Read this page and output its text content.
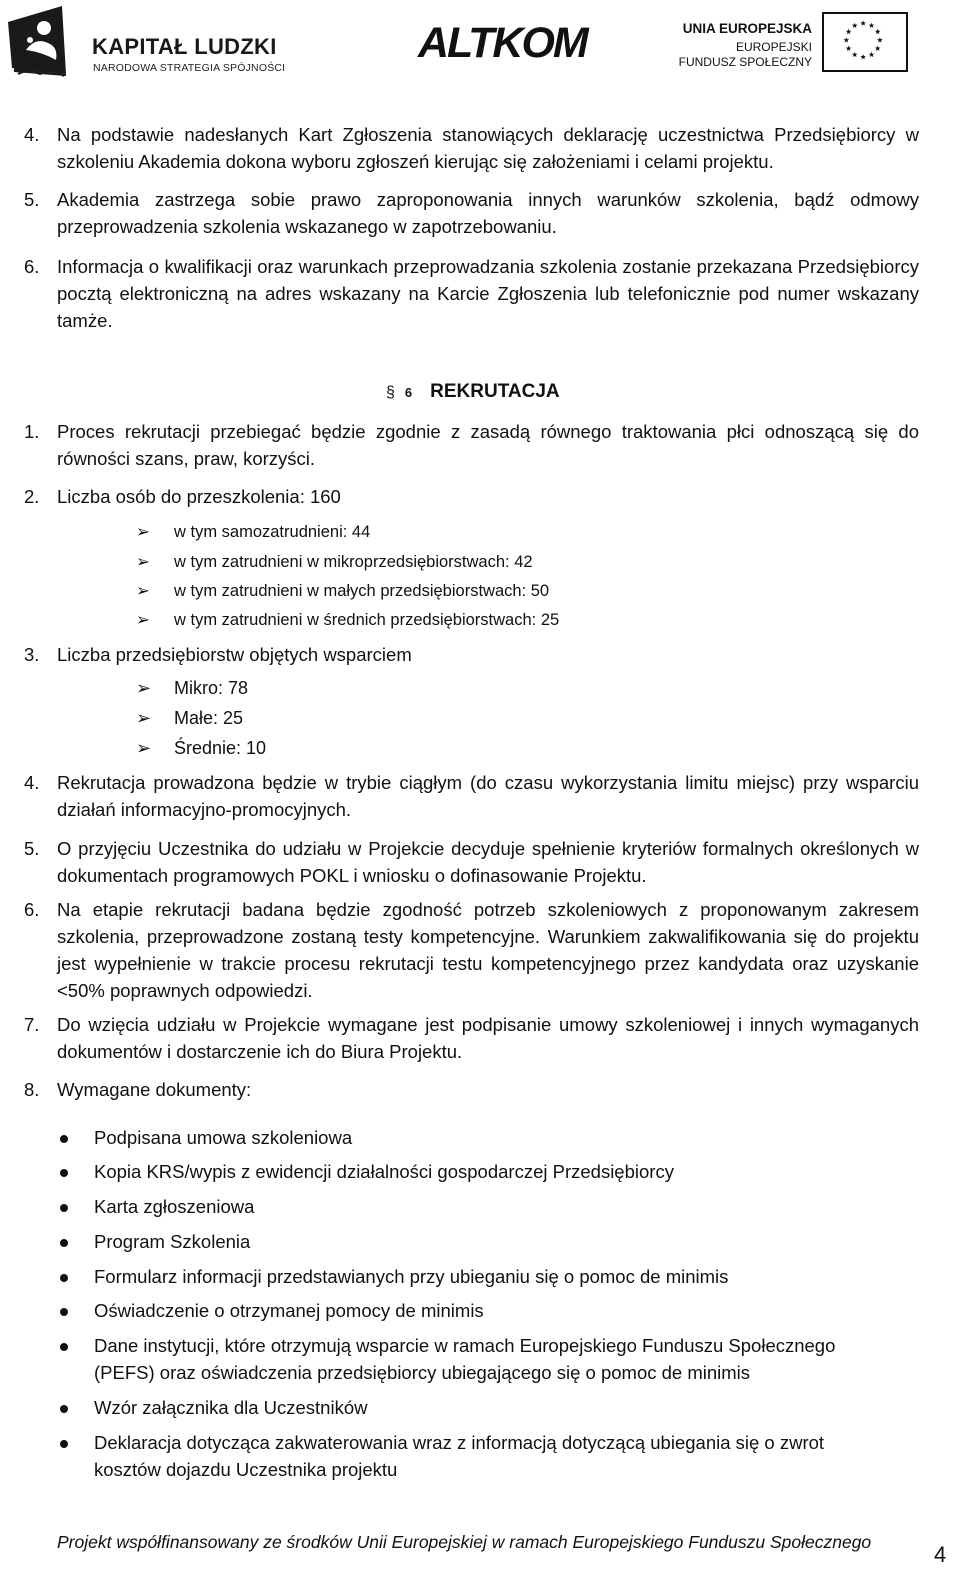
KAPITAŁ LUDZKI
NARODOWA STRATEGIA SPÓJNOŚCI
ALTKOM	UNIA EUROPEJSKA
EUROPEJSKI
FUNDUSZ SPOŁECZNY
4. Na podstawie nadesłanych Kart Zgłoszenia stanowiących deklarację uczestnictwa Przedsiębiorcy w szkoleniu Akademia dokona wyboru zgłoszeń kierując się założeniami i celami projektu.
5. Akademia zastrzega sobie prawo zaproponowania innych warunków szkolenia, bądź odmowy przeprowadzenia szkolenia wskazanego w zapotrzebowaniu.
6. Informacja o kwalifikacji oraz warunkach przeprowadzania szkolenia zostanie przekazana Przedsiębiorcy pocztą elektroniczną na adres wskazany na Karcie Zgłoszenia lub telefonicznie pod numer wskazany tamże.
§ 6 REKRUTACJA
1. Proces rekrutacji przebiegać będzie zgodnie z zasadą równego traktowania płci odnoszącą się do równości szans, praw, korzyści.
2. Liczba osób do przeszkolenia: 160
➢ w tym samozatrudnieni: 44
➢ w tym zatrudnieni w mikroprzedsiębiorstwach: 42
➢ w tym zatrudnieni w małych przedsiębiorstwach: 50
➢ w tym zatrudnieni w średnich przedsiębiorstwach: 25
3. Liczba przedsiębiorstw objętych wsparciem
➢ Mikro: 78
➢ Małe: 25
➢ Średnie: 10
4. Rekrutacja prowadzona będzie w trybie ciągłym (do czasu wykorzystania limitu miejsc) przy wsparciu działań informacyjno-promocyjnych.
5. O przyjęciu Uczestnika do udziału w Projekcie decyduje spełnienie kryteriów formalnych określonych w dokumentach programowych POKL i wniosku o dofinasowanie Projektu.
6. Na etapie rekrutacji badana będzie zgodność potrzeb szkoleniowych z proponowanym zakresem szkolenia, przeprowadzone zostaną testy kompetencyjne. Warunkiem zakwalifikowania się do projektu jest wypełnienie w trakcie procesu rekrutacji testu kompetencyjnego przez kandydata oraz uzyskanie <50% poprawnych odpowiedzi.
7. Do wzięcia udziału w Projekcie wymagane jest podpisanie umowy szkoleniowej i innych wymaganych dokumentów i dostarczenie ich do Biura Projektu.
8. Wymagane dokumenty:
Podpisana umowa szkoleniowa
Kopia KRS/wypis z ewidencji działalności gospodarczej Przedsiębiorcy
Karta zgłoszeniowa
Program Szkolenia
Formularz informacji przedstawianych przy ubieganiu się o pomoc de minimis
Oświadczenie o otrzymanej pomocy de minimis
Dane instytucji, które otrzymują wsparcie w ramach Europejskiego Funduszu Społecznego (PEFS) oraz oświadczenia przedsiębiorcy ubiegającego się o pomoc de minimis
Wzór załącznika dla Uczestników
Deklaracja dotycząca zakwaterowania wraz z informacją dotyczącą ubiegania się o zwrot kosztów dojazdu Uczestnika projektu
Projekt współfinansowany ze środków Unii Europejskiej w ramach Europejskiego Funduszu Społecznego	4
